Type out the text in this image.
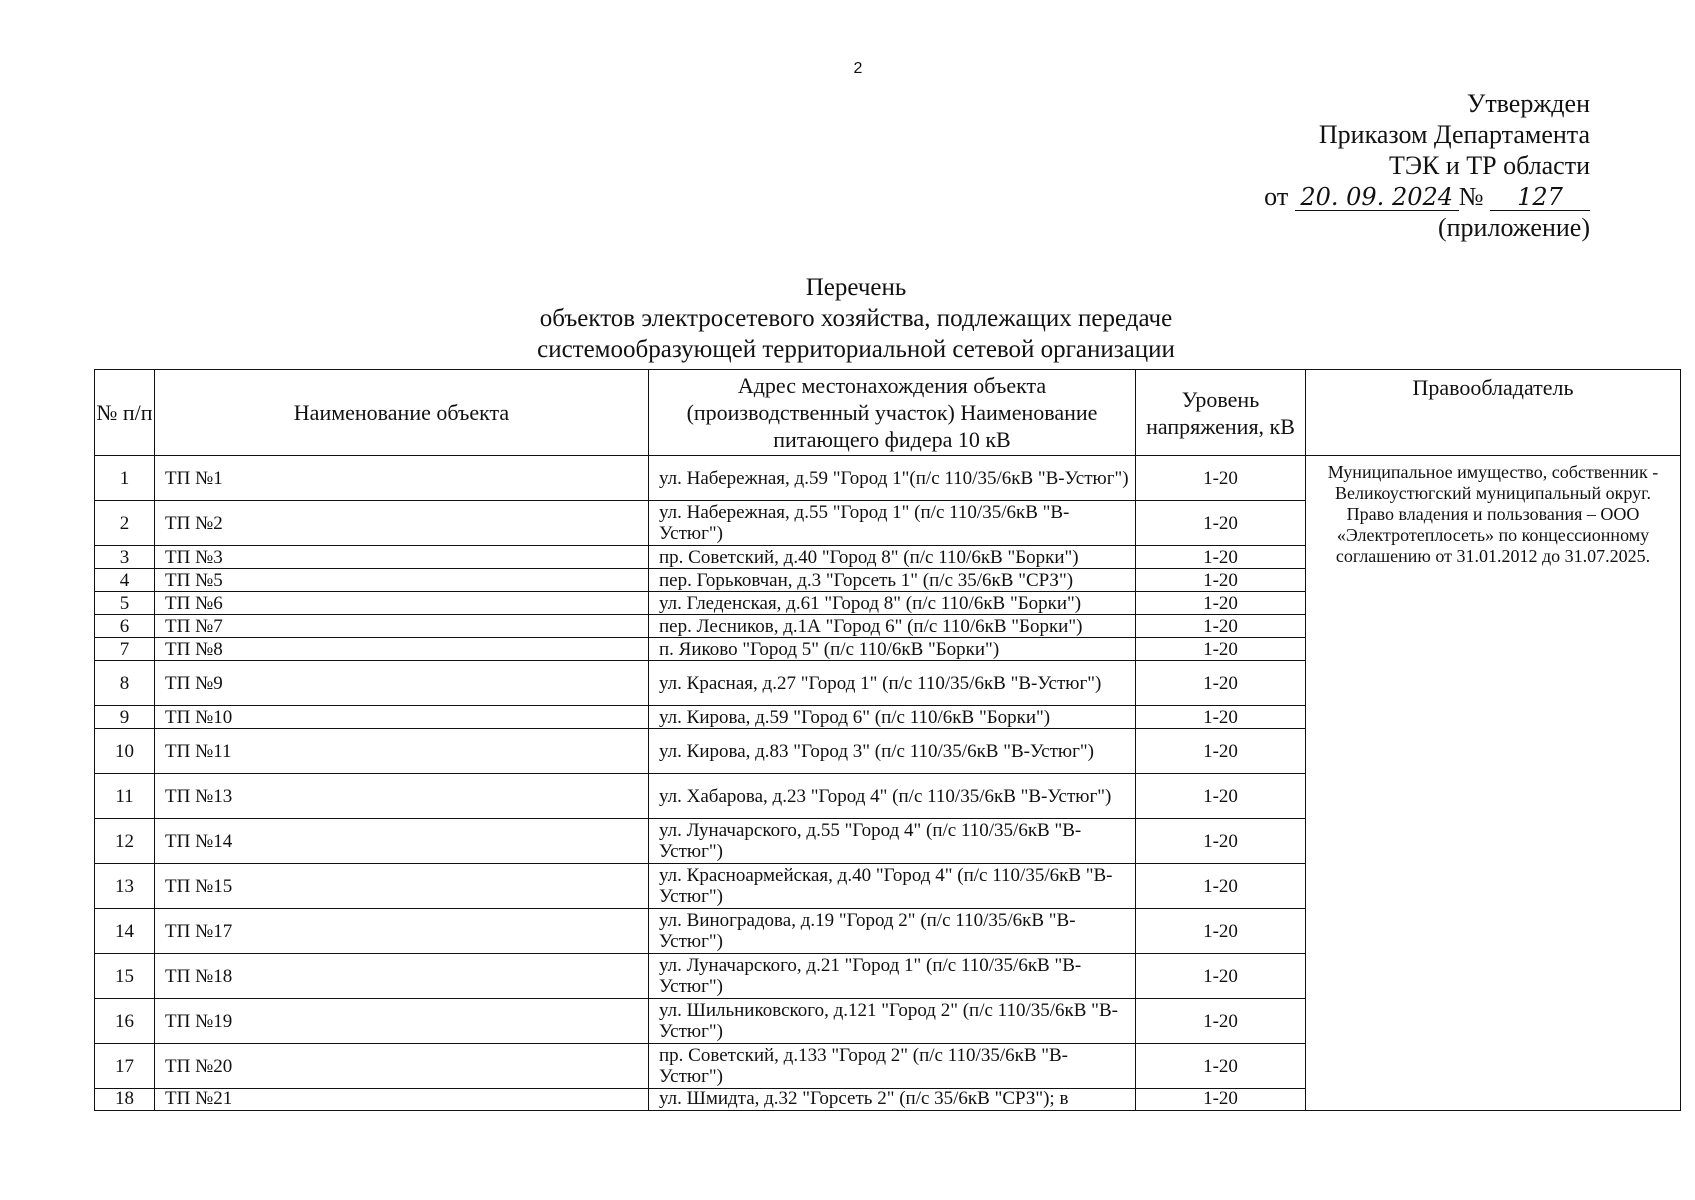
2
Утвержден
Приказом Департамента
ТЭК и ТР области
от 20. 09. 2024 № 127
(приложение)
Перечень
объектов электросетевого хозяйства, подлежащих передаче
системообразующей территориальной сетевой организации
№ п/п	Наименование объекта	Адрес местонахождения объекта (производственный участок) Наименование питающего фидера 10 кВ	Уровень напряжения, кВ	Правообладатель
1	ТП №1	ул. Набережная, д.59 "Город 1"(п/с 110/35/6кВ "В-Устюг")	1-20	Муниципальное имущество, собственник - Великоустюгский муниципальный округ. Право владения и пользования – ООО «Электротеплосеть» по концессионному соглашению от 31.01.2012 до 31.07.2025.
2	ТП №2	ул. Набережная, д.55 "Город 1" (п/с 110/35/6кВ "В-Устюг")	1-20	
3	ТП №3	пр. Советский, д.40 "Город 8" (п/с 110/6кВ "Борки")	1-20	
4	ТП №5	пер. Горьковчан, д.3 "Горсеть 1" (п/с 35/6кВ "СРЗ")	1-20	
5	ТП №6	ул. Гледенская, д.61 "Город 8" (п/с 110/6кВ "Борки")	1-20	
6	ТП №7	пер. Лесников, д.1А "Город 6" (п/с 110/6кВ "Борки")	1-20	
7	ТП №8	п. Яиково "Город 5" (п/с 110/6кВ "Борки")	1-20	
8	ТП №9	ул. Красная, д.27 "Город 1" (п/с 110/35/6кВ "В-Устюг")	1-20	
9	ТП №10	ул. Кирова, д.59 "Город 6" (п/с 110/6кВ "Борки")	1-20	
10	ТП №11	ул. Кирова, д.83 "Город 3" (п/с 110/35/6кВ "В-Устюг")	1-20	
11	ТП №13	ул. Хабарова, д.23 "Город 4" (п/с 110/35/6кВ "В-Устюг")	1-20	
12	ТП №14	ул. Луначарского, д.55 "Город 4" (п/с 110/35/6кВ "В-Устюг")	1-20	
13	ТП №15	ул. Красноармейская, д.40 "Город 4" (п/с 110/35/6кВ "В-Устюг")	1-20	
14	ТП №17	ул. Виноградова, д.19 "Город 2" (п/с 110/35/6кВ "В-Устюг")	1-20	
15	ТП №18	ул. Луначарского, д.21 "Город 1" (п/с 110/35/6кВ "В-Устюг")	1-20	
16	ТП №19	ул. Шильниковского, д.121 "Город 2" (п/с 110/35/6кВ "В-Устюг")	1-20	
17	ТП №20	пр. Советский, д.133 "Город 2" (п/с 110/35/6кВ "В-Устюг")	1-20	
18	ТП №21	ул. Шмидта, д.32 "Горсеть 2" (п/с 35/6кВ "СРЗ"); в	1-20	
